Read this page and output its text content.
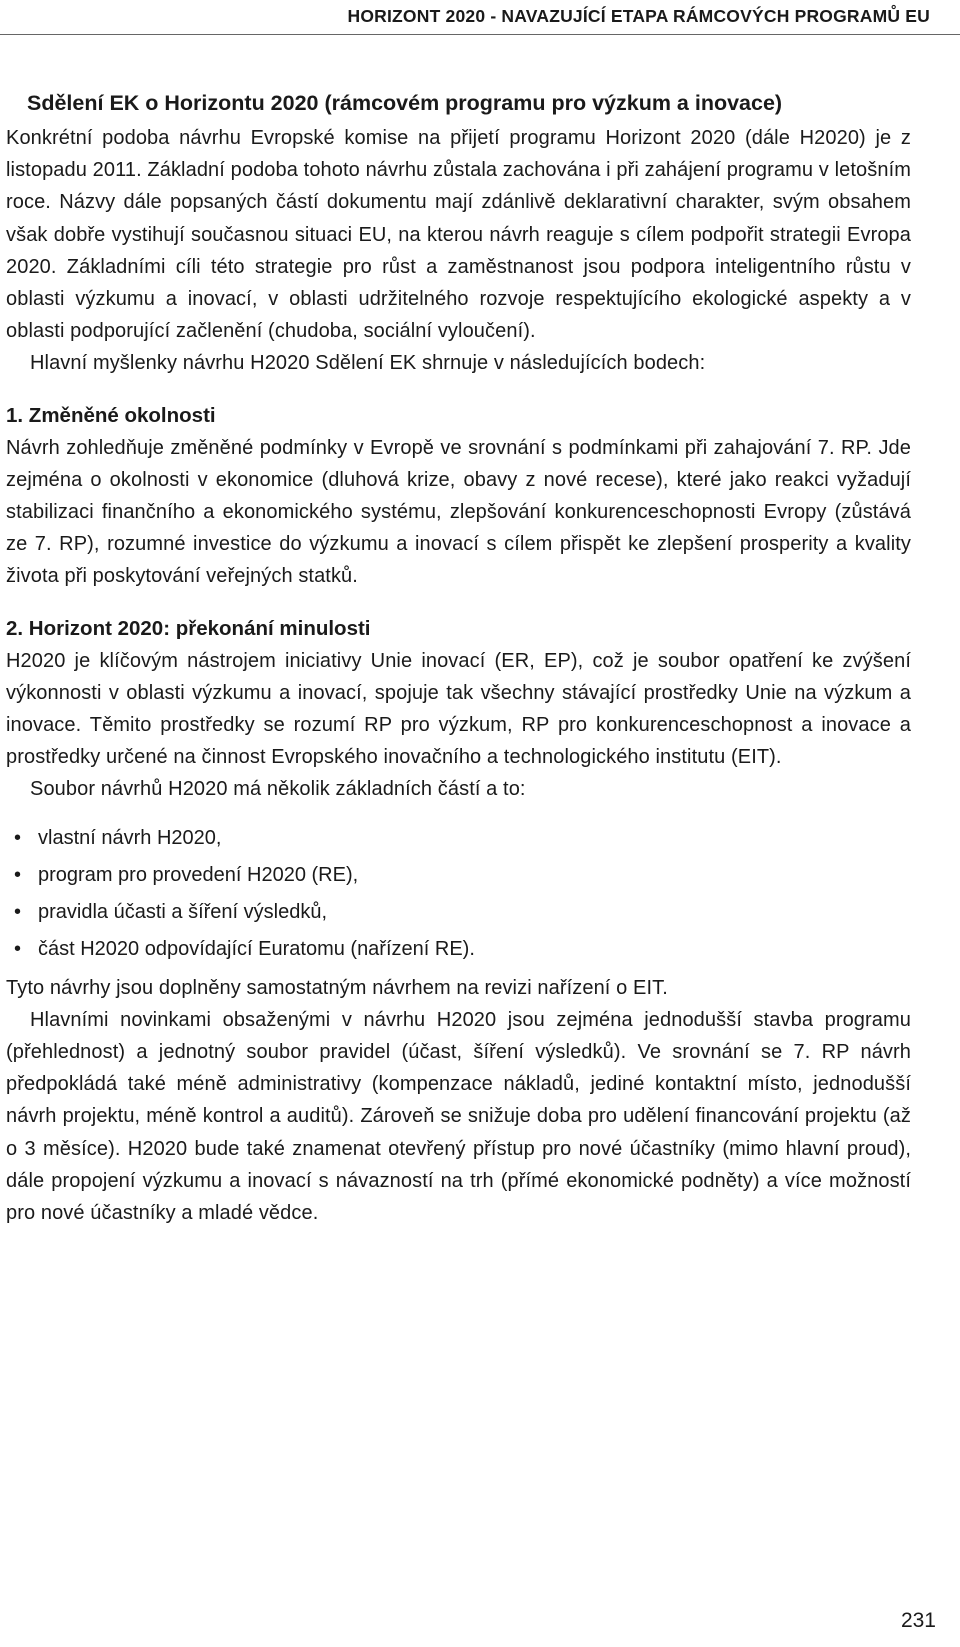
HORIZONT 2020 - NAVAZUJÍCÍ ETAPA RÁMCOVÝCH PROGRAMŮ EU
Sdělení EK o Horizontu 2020 (rámcovém programu pro výzkum a inovace)

Konkrétní podoba návrhu Evropské komise na přijetí programu Horizont 2020 (dále H2020) je z listopadu 2011. Základní podoba tohoto návrhu zůstala zachována i při zahájení programu v letošním roce. Názvy dále popsaných částí dokumentu mají zdánlivě deklarativní charakter, svým obsahem však dobře vystihují současnou situaci EU, na kterou návrh reaguje s cílem podpořit strategii Evropa 2020. Základními cíli této strategie pro růst a zaměstnanost jsou podpora inteligentního růstu v oblasti výzkumu a inovací, v oblasti udržitelného rozvoje respektujícího ekologické aspekty a v oblasti podporující začlenění (chudoba, sociální vyloučení).

Hlavní myšlenky návrhu H2020 Sdělení EK shrnuje v následujících bodech:

1. Změněné okolnosti

Návrh zohledňuje změněné podmínky v Evropě ve srovnání s podmínkami při zahajování 7. RP. Jde zejména o okolnosti v ekonomice (dluhová krize, obavy z nové recese), které jako reakci vyžadují stabilizaci finančního a ekonomického systému, zlepšování konkurenceschopnosti Evropy (zůstává ze 7. RP), rozumné investice do výzkumu a inovací s cílem přispět ke zlepšení prosperity a kvality života při poskytování veřejných statků.

2. Horizont 2020: překonání minulosti

H2020 je klíčovým nástrojem iniciativy Unie inovací (ER, EP), což je soubor opatření ke zvýšení výkonnosti v oblasti výzkumu a inovací, spojuje tak všechny stávající prostředky Unie na výzkum a inovace. Těmito prostředky se rozumí RP pro výzkum, RP pro konkurenceschopnost a inovace a prostředky určené na činnost Evropského inovačního a technologického institutu (EIT).

Soubor návrhů H2020 má několik základních částí a to:

• vlastní návrh H2020,
• program pro provedení H2020 (RE),
• pravidla účasti a šíření výsledků,
• část H2020 odpovídající Euratomu (nařízení RE).

Tyto návrhy jsou doplněny samostatným návrhem na revizi nařízení o EIT.

Hlavními novinkami obsaženými v návrhu H2020 jsou zejména jednodušší stavba programu (přehlednost) a jednotný soubor pravidel (účast, šíření výsledků). Ve srovnání se 7. RP návrh předpokládá také méně administrativy (kompenzace nákladů, jediné kontaktní místo, jednodušší návrh projektu, méně kontrol a auditů). Zároveň se snižuje doba pro udělení financování projektu (až o 3 měsíce). H2020 bude také znamenat otevřený přístup pro nové účastníky (mimo hlavní proud), dále propojení výzkumu a inovací s návazností na trh (přímé ekonomické podněty) a více možností pro nové účastníky a mladé vědce.

231
